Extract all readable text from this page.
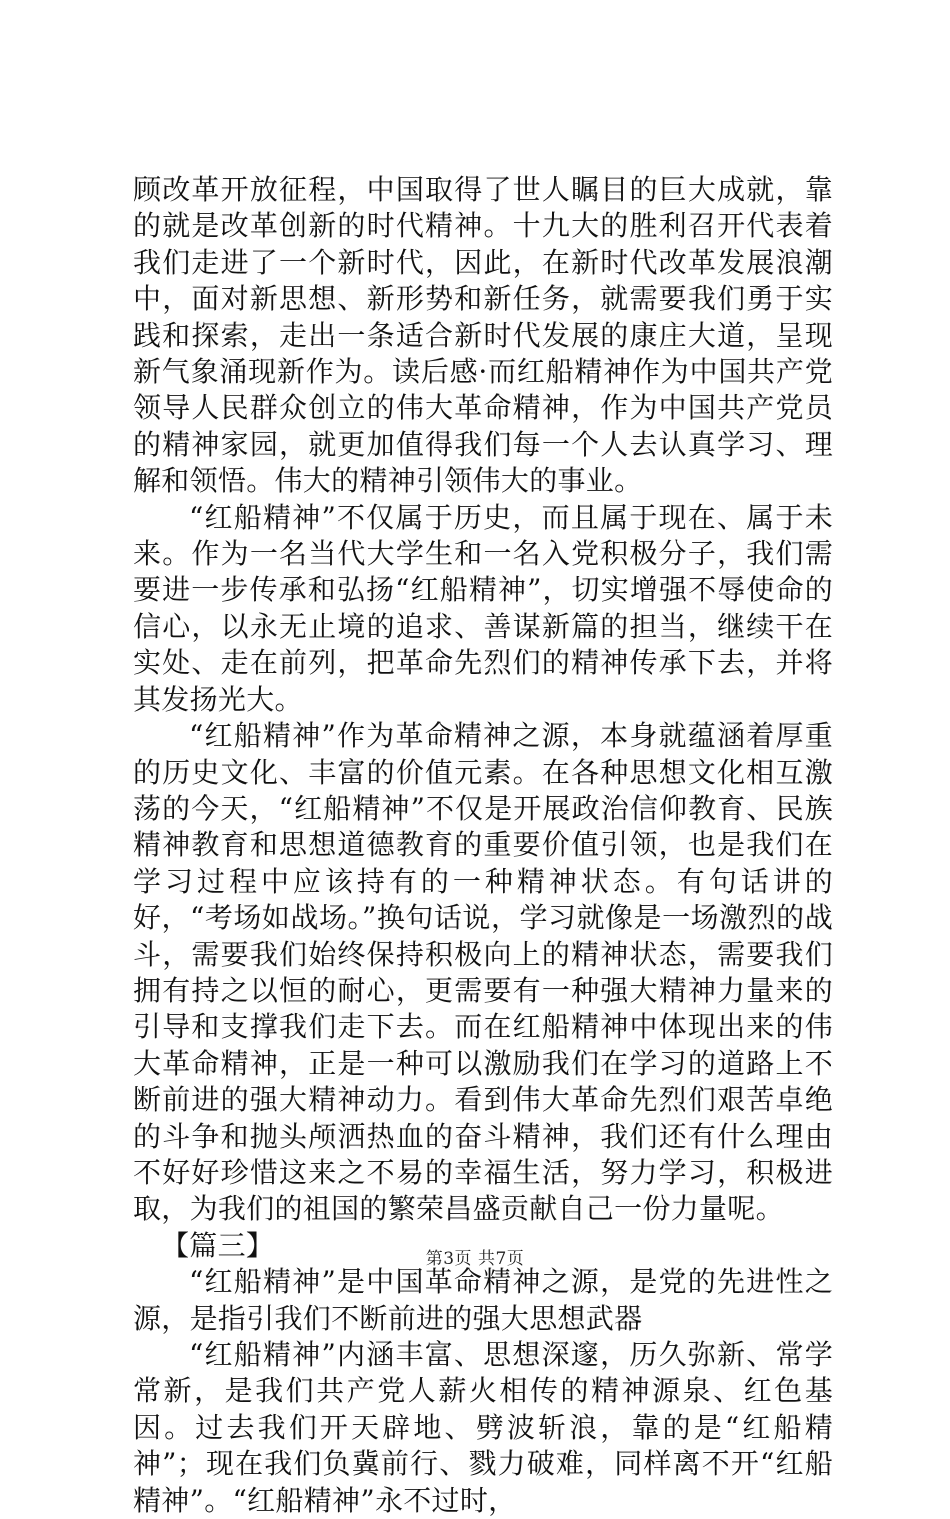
顾改革开放征程，中国取得了世人瞩目的巨大成就，靠的就是改革创新的时代精神。十九大的胜利召开代表着我们走进了一个新时代，因此，在新时代改革发展浪潮中，面对新思想、新形势和新任务，就需要我们勇于实践和探索，走出一条适合新时代发展的康庄大道，呈现新气象涌现新作为。读后感·而红船精神作为中国共产党领导人民群众创立的伟大革命精神，作为中国共产党员的精神家园，就更加值得我们每一个人去认真学习、理解和领悟。伟大的精神引领伟大的事业。

“红船精神”不仅属于历史，而且属于现在、属于未来。作为一名当代大学生和一名入党积极分子，我们需要进一步传承和弘扬“红船精神”，切实增强不辱使命的信心，以永无止境的追求、善谋新篇的担当，继续干在实处、走在前列，把革命先烈们的精神传承下去，并将其发扬光大。

“红船精神”作为革命精神之源，本身就蕴涵着厚重的历史文化、丰富的价值元素。在各种思想文化相互激荡的今天，“红船精神”不仅是开展政治信仰教育、民族精神教育和思想道德教育的重要价值引领，也是我们在学习过程中应该持有的一种精神状态。有句话讲的好，“考场如战场。”换句话说，学习就像是一场激烈的战斗，需要我们始终保持积极向上的精神状态，需要我们拥有持之以恒的耐心，更需要有一种强大精神力量来的引导和支撑我们走下去。而在红船精神中体现出来的伟大革命精神，正是一种可以激励我们在学习的道路上不断前进的强大精神动力。看到伟大革命先烈们艰苦卓绝的斗争和抛头颅洒热血的奋斗精神，我们还有什么理由不好好珍惜这来之不易的幸福生活，努力学习，积极进取，为我们的祖国的繁荣昌盛贡献自己一份力量呢。

【篇三】

“红船精神”是中国革命精神之源，是党的先进性之源，是指引我们不断前进的强大思想武器

“红船精神”内涵丰富、思想深邃，历久弥新、常学常新，是我们共产党人薪火相传的精神源泉、红色基因。过去我们开天辟地、劈波斩浪，靠的是“红船精神”；现在我们负冀前行、戮力破难，同样离不开“红船精神”。“红船精神”永不过时，

第3页 共7页
